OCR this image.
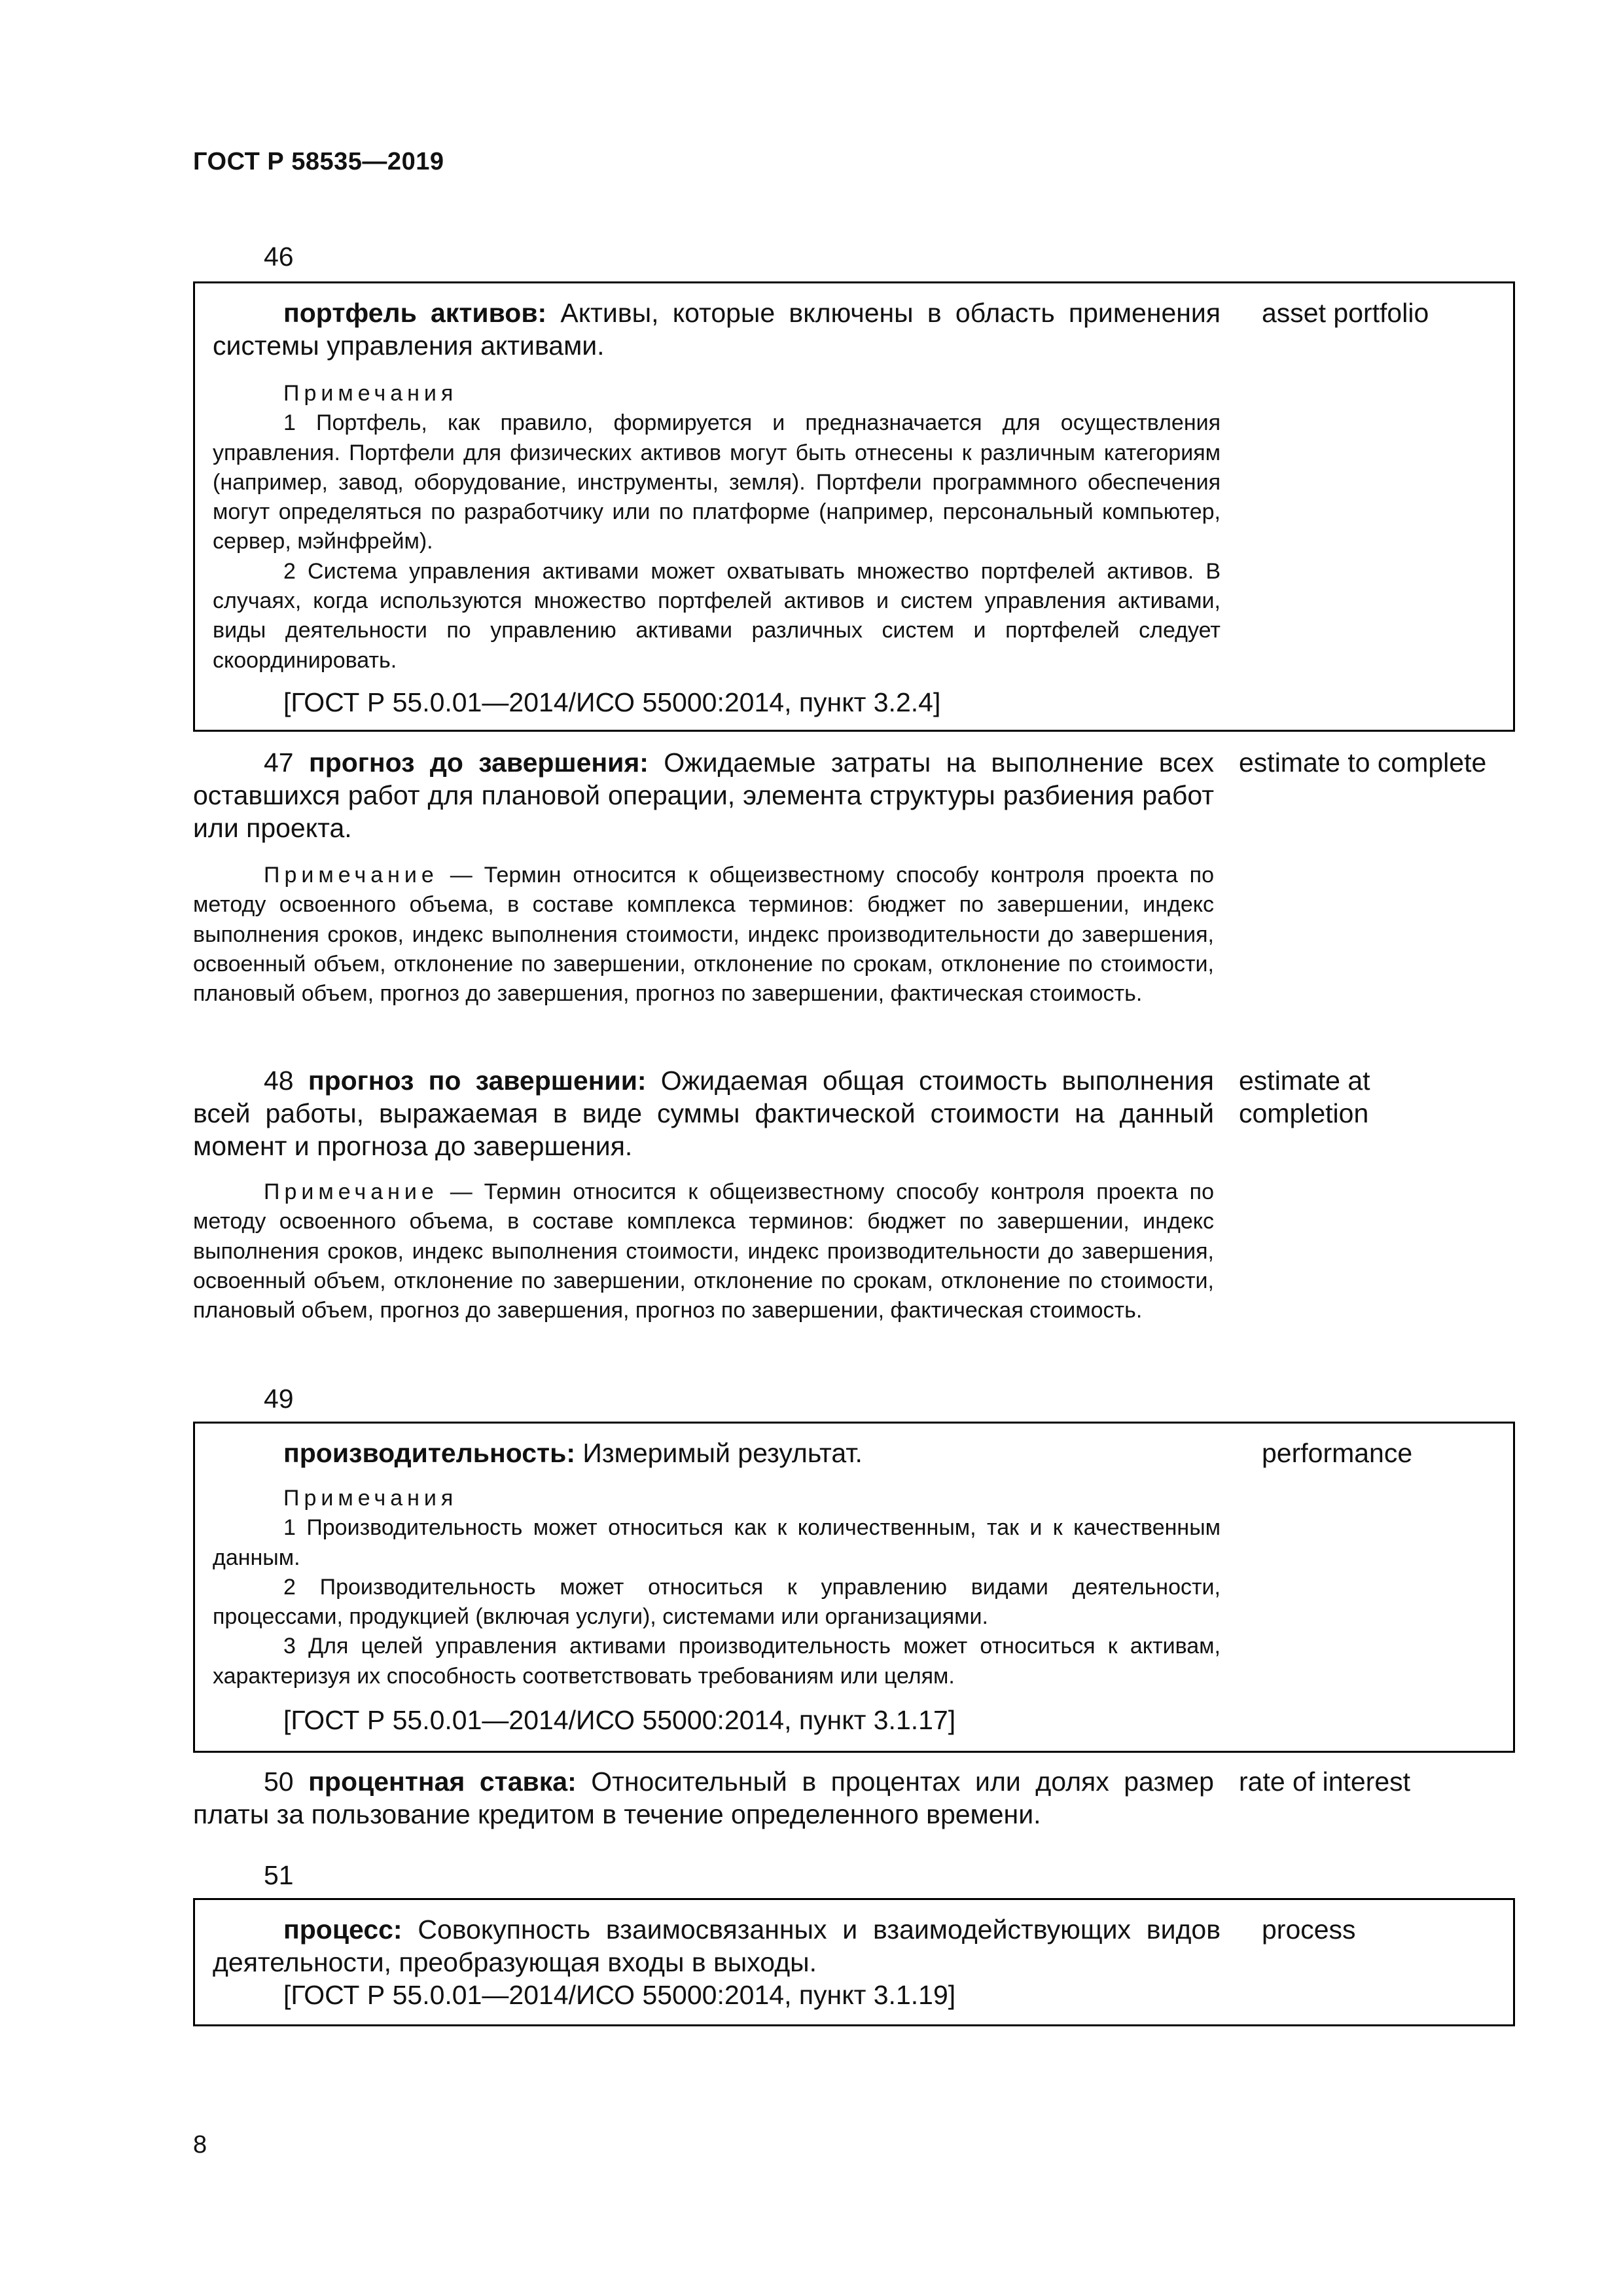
ГОСТ Р 58535—2019
46

портфель активов: Активы, которые включены в область применения системы управления активами.

asset portfolio

Примечания

1 Портфель, как правило, формируется и предназначается для осуществления управления. Портфели для физических активов могут быть отнесены к различным категориям (например, завод, оборудование, инструменты, земля). Портфели программного обеспечения могут определяться по разработчику или по платформе (например, персональный компьютер, сервер, мэйнфрейм).

2 Система управления активами может охватывать множество портфелей активов. В случаях, когда используются множество портфелей активов и систем управления активами, виды деятельности по управлению активами различных систем и портфелей следует скоординировать.

[ГОСТ Р 55.0.01—2014/ИСО 55000:2014, пункт 3.2.4]

47 прогноз до завершения: Ожидаемые затраты на выполнение всех оставшихся работ для плановой операции, элемента структуры разбиения работ или проекта.

estimate to complete

Примечание — Термин относится к общеизвестному способу контроля проекта по методу освоенного объема, в составе комплекса терминов: бюджет по завершении, индекс выполнения сроков, индекс выполнения стоимости, индекс производительности до завершения, освоенный объем, отклонение по завершении, отклонение по срокам, отклонение по стоимости, плановый объем, прогноз до завершения, прогноз по завершении, фактическая стоимость.

48 прогноз по завершении: Ожидаемая общая стоимость выполнения всей работы, выражаемая в виде суммы фактической стоимости на данный момент и прогноза до завершения.

estimate at completion

Примечание — Термин относится к общеизвестному способу контроля проекта по методу освоенного объема, в составе комплекса терминов: бюджет по завершении, индекс выполнения сроков, индекс выполнения стоимости, индекс производительности до завершения, освоенный объем, отклонение по завершении, отклонение по срокам, отклонение по стоимости, плановый объем, прогноз до завершения, прогноз по завершении, фактическая стоимость.

49

производительность: Измеримый результат.	performance

Примечания

1 Производительность может относиться как к количественным, так и к качественным данным.

2 Производительность может относиться к управлению видами деятельности, процессами, продукцией (включая услуги), системами или организациями.

3 Для целей управления активами производительность может относиться к активам, характеризуя их способность соответствовать требованиям или целям.

[ГОСТ Р 55.0.01—2014/ИСО 55000:2014, пункт 3.1.17]

50 процентная ставка: Относительный в процентах или долях размер платы за пользование кредитом в течение определенного времени.

rate of interest
51

процесс: Совокупность взаимосвязанных и взаимодействующих видов деятельности, преобразующая входы в выходы.

process
[ГОСТ Р 55.0.01—2014/ИСО 55000:2014, пункт 3.1.19]
8
